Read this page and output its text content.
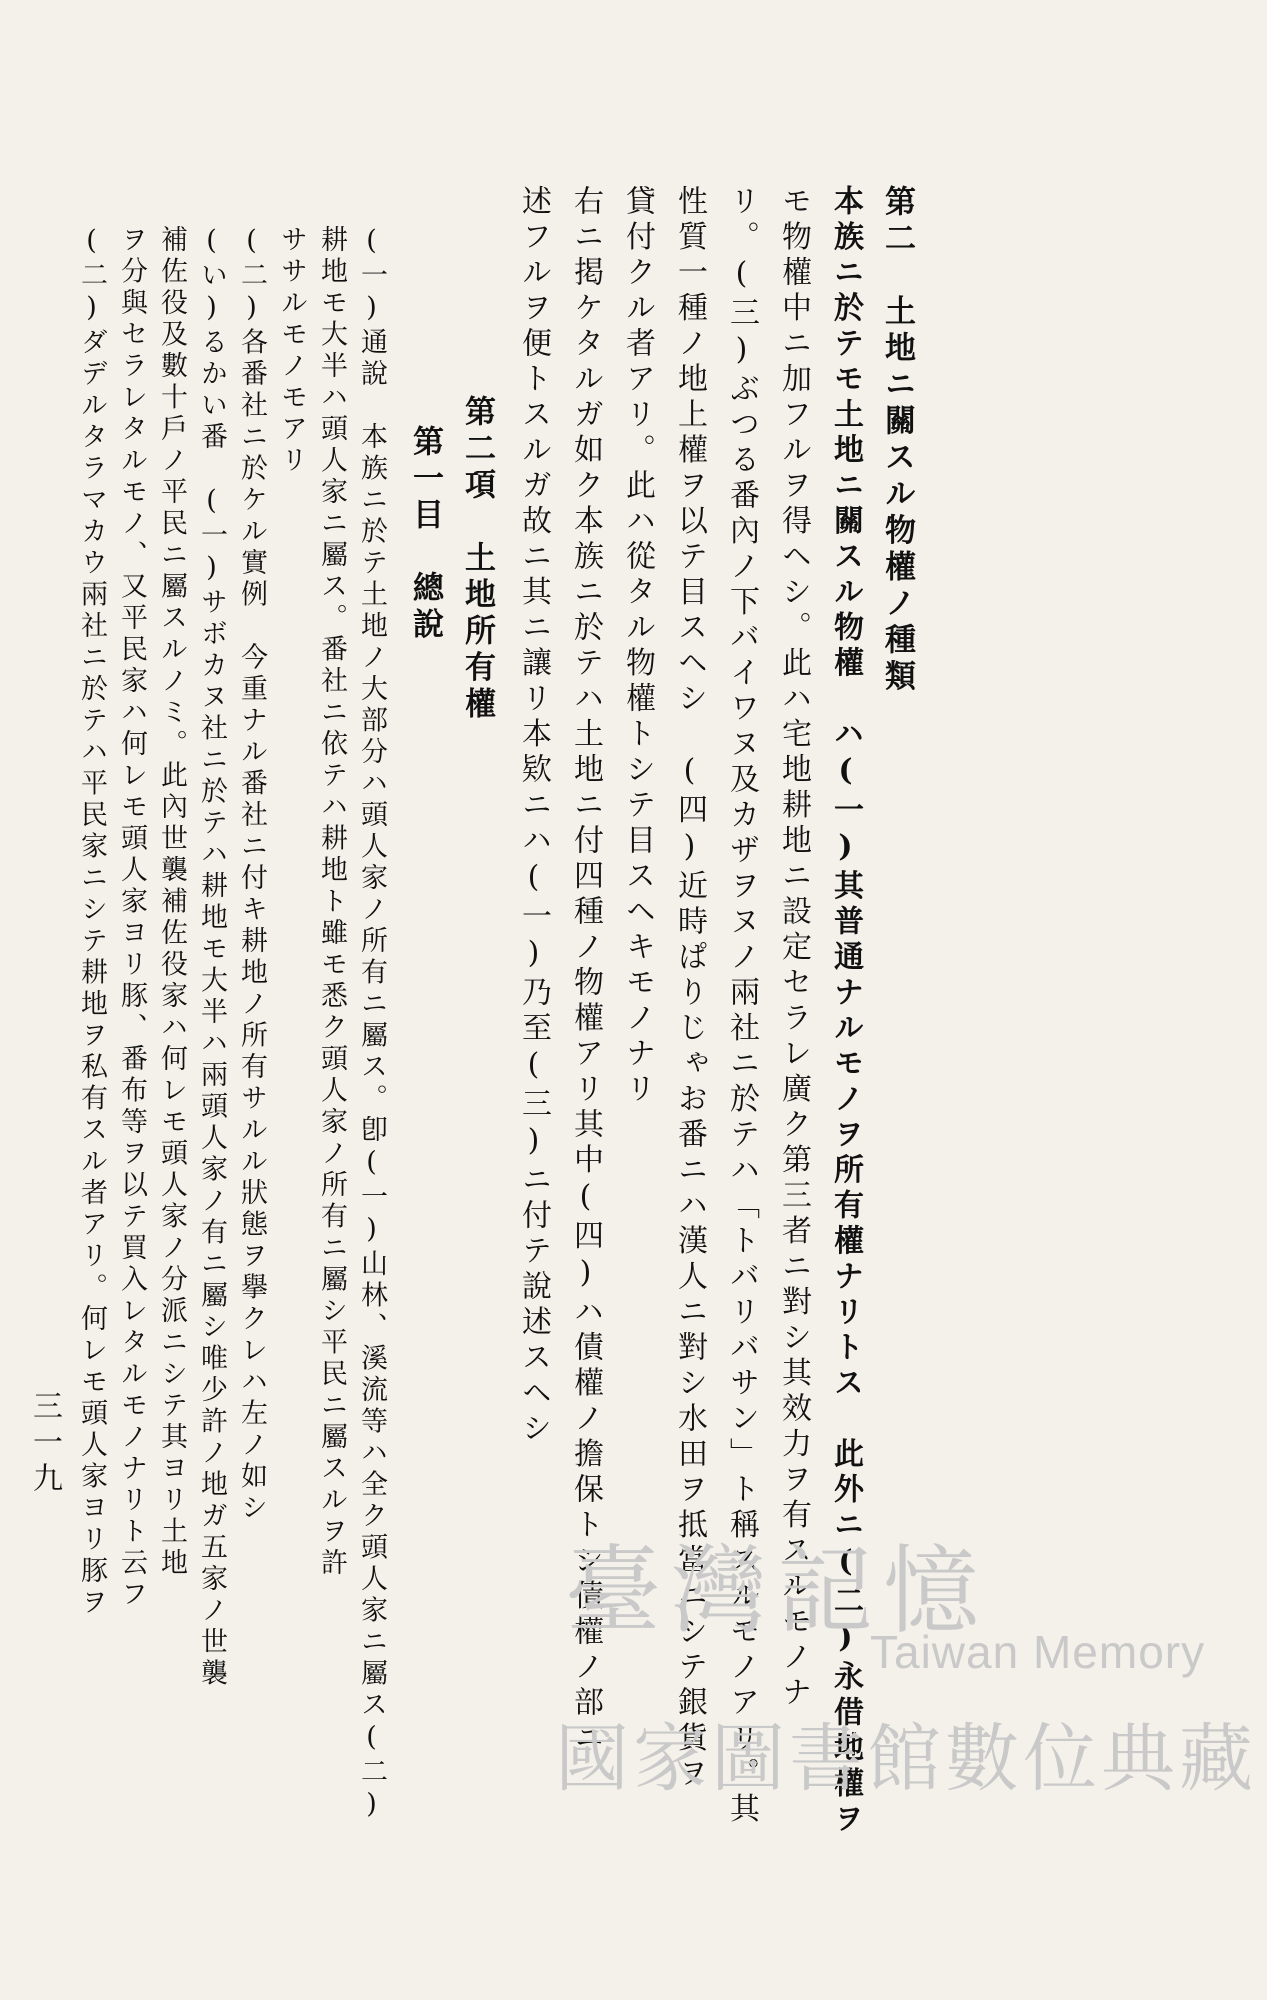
第二　土地ニ關スル物權ノ種類
本族ニ於テモ土地ニ關スル物權　ハ(一)其普通ナルモノヲ所有權ナリトス　此外ニ(二)永借地權ヲ
モ物權中ニ加フルヲ得ヘシ。此ハ宅地耕地ニ設定セラレ廣ク第三者ニ對シ其效力ヲ有スルモノナ
リ。(三)ぶつる番內ノ下バイワヌ及カザヲヌノ兩社ニ於テハ「トバリバサン」ト稱スルモノアリ。其
性質一種ノ地上權ヲ以テ目スヘシ　(四)近時ぱりじゃお番ニハ漢人ニ對シ水田ヲ抵當ニシテ銀貨ヲ
貸付クル者アリ。此ハ從タル物權トシテ目スヘキモノナリ
右ニ掲ケタルガ如ク本族ニ於テハ土地ニ付四種ノ物權アリ其中(四)ハ債權ノ擔保トシ債權ノ部ニ
述フルヲ便トスルガ故ニ其ニ讓リ本欵ニハ(一)乃至(三)ニ付テ說述スヘシ
第二項　土地所有權
第一目　總說
(一)通說　本族ニ於テ土地ノ大部分ハ頭人家ノ所有ニ屬ス。卽(一)山林、溪流等ハ全ク頭人家ニ屬ス(二)
耕地モ大半ハ頭人家ニ屬ス。番社ニ依テハ耕地ト雖モ悉ク頭人家ノ所有ニ屬シ平民ニ屬スルヲ許
ササルモノモアリ
(二)各番社ニ於ケル實例　今重ナル番社ニ付キ耕地ノ所有サルル狀態ヲ擧クレハ左ノ如シ
(い)るかい番　(一)サボカヌ社ニ於テハ耕地モ大半ハ兩頭人家ノ有ニ屬シ唯少許ノ地ガ五家ノ世襲
補佐役及數十戶ノ平民ニ屬スルノミ。此內世襲補佐役家ハ何レモ頭人家ノ分派ニシテ其ヨリ土地
ヲ分與セラレタルモノ、又平民家ハ何レモ頭人家ヨリ豚、番布等ヲ以テ買入レタルモノナリト云フ
(二)ダデルタラマカウ兩社ニ於テハ平民家ニシテ耕地ヲ私有スル者アリ。何レモ頭人家ヨリ豚ヲ
三一九
臺灣記憶
Taiwan Memory
國家圖書館數位典藏
